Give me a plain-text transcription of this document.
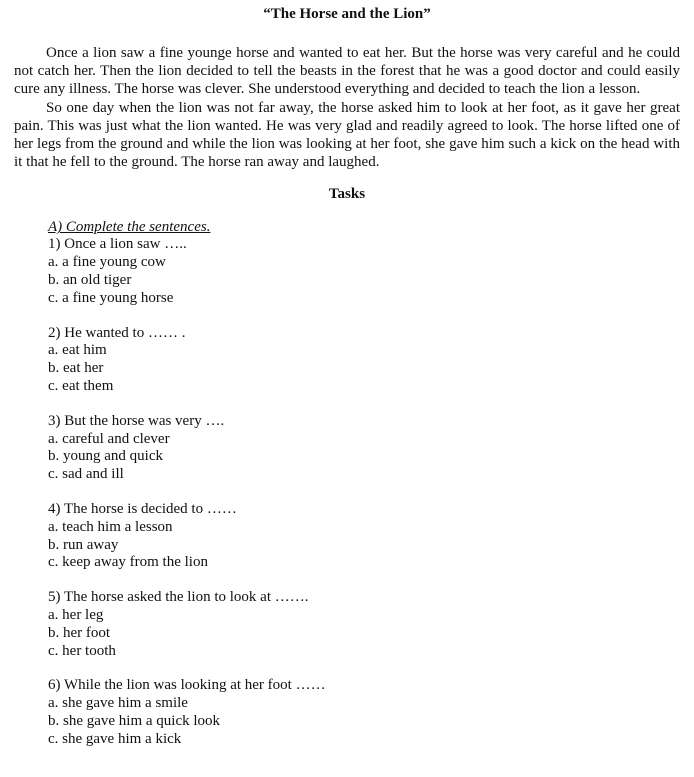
“The Horse and the Lion”

Once a lion saw a fine younge horse and wanted to eat her. But the horse was very careful and he could not catch her. Then the lion decided to tell the beasts in the forest that he was a good doctor and could easily cure any illness. The horse was clever. She understood everything and decided to teach the lion a lesson.

So one day when the lion was not far away, the horse asked him to look at her foot, as it gave her great pain. This was just what the lion wanted. He was very glad and readily agreed to look. The horse lifted one of her legs from the ground and while the lion was looking at her foot, she gave him such a kick on the head with it that he fell to the ground. The horse ran away and laughed.

Tasks
A) Complete the sentences.
1) Once a lion saw …..
a. a fine young cow
b. an old tiger
c. a fine young horse
2) He wanted to …… .
a. eat him
b. eat her
c. eat them
3) But the horse was very ….
a. careful and clever
b. young and quick
c. sad and ill
4) The horse is decided to ……
a. teach him a lesson
b. run away
c. keep away from the lion
5) The horse asked the lion to look at …….
a. her leg
b. her foot
c. her tooth
6) While the lion was looking at her foot ……
a. she gave him a smile
b. she gave him a quick look
c. she gave him a kick
